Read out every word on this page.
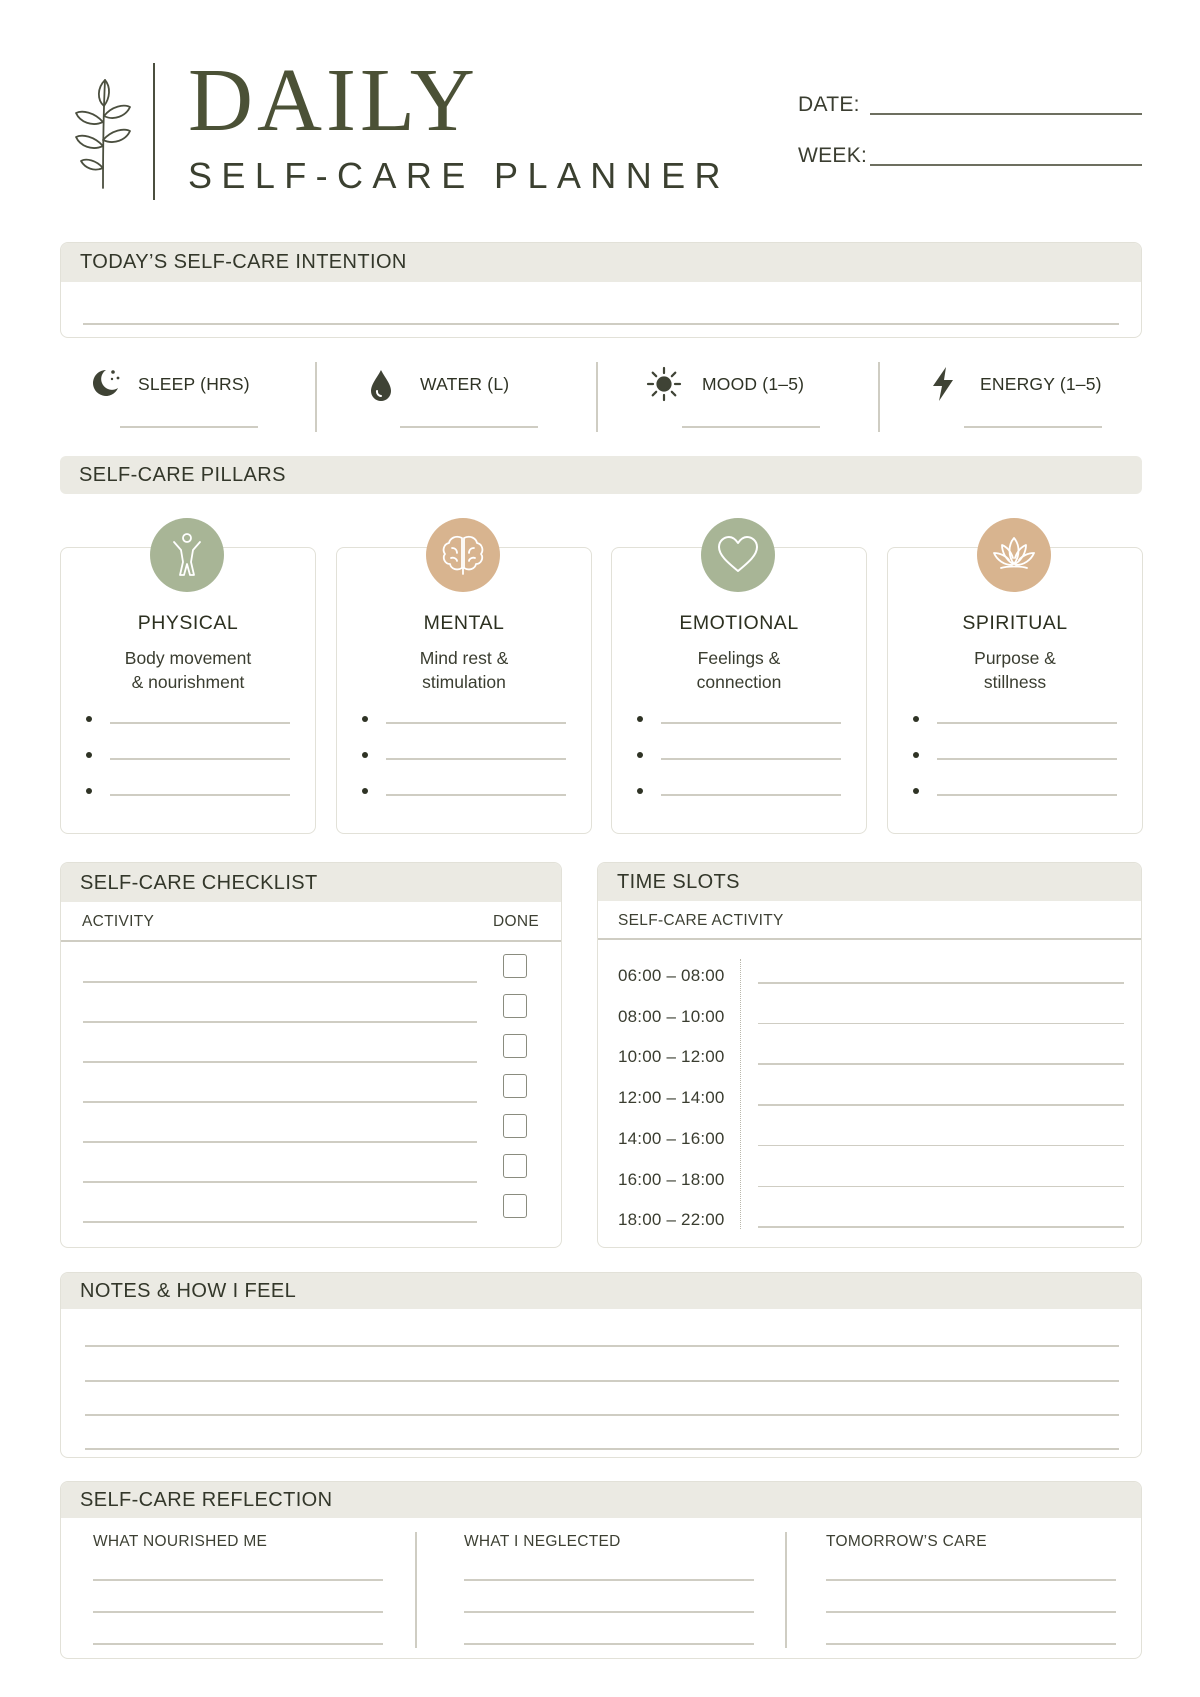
DAILY
SELF-CARE PLANNER
DATE:
WEEK:
TODAY’S SELF-CARE INTENTION
SLEEP (HRS)	WATER (L)	MOOD (1–5)	ENERGY (1–5)
SELF-CARE PILLARS
PHYSICAL
Body movement
& nourishment
MENTAL
Mind rest &
stimulation
EMOTIONAL
Feelings &
connection
SPIRITUAL
Purpose &
stillness
SELF-CARE CHECKLIST
ACTIVITY	DONE
TIME SLOTS
SELF-CARE ACTIVITY
06:00 – 08:00
08:00 – 10:00
10:00 – 12:00
12:00 – 14:00
14:00 – 16:00
16:00 – 18:00
18:00 – 22:00
NOTES & HOW I FEEL
SELF-CARE REFLECTION
WHAT NOURISHED ME	WHAT I NEGLECTED	TOMORROW’S CARE
